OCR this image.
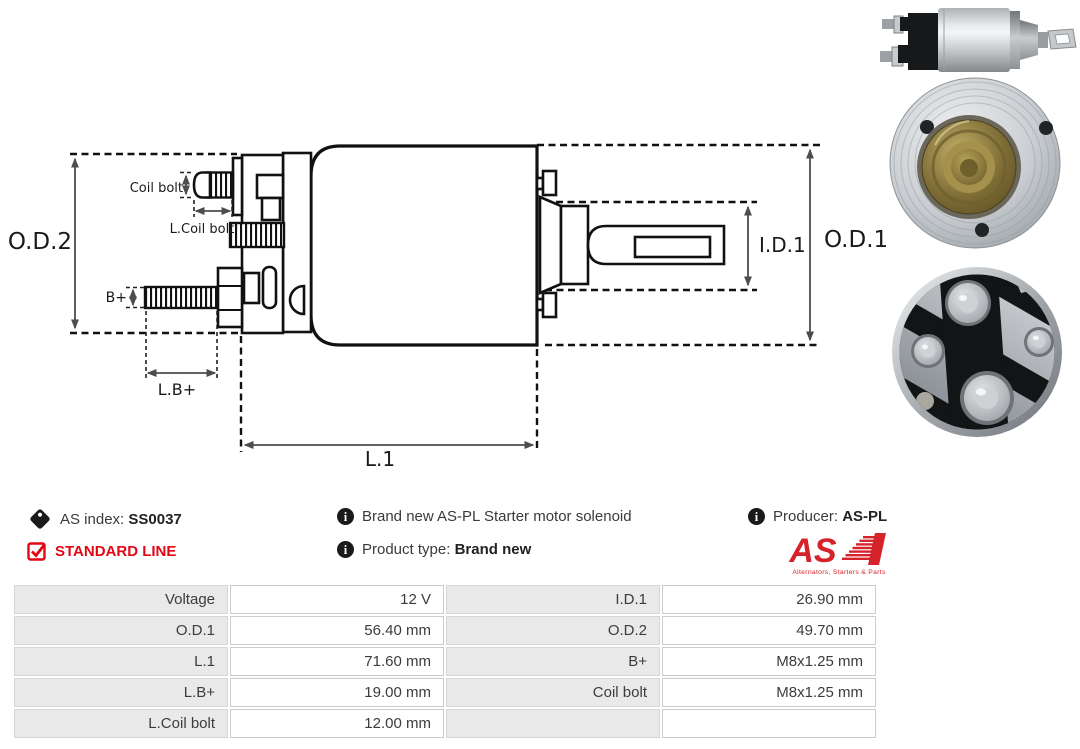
O.D.2
Coil bolt
L.Coil bolt
B+
L.B+
L.1
I.D.1 O.D.1
AS index: SS0037
STANDARD LINE
i Brand new AS-PL Starter motor solenoid
i Product type: Brand new
i Producer: AS-PL
AS
Alternators, Starters & Parts
Voltage	12 V	I.D.1	26.90 mm
O.D.1	56.40 mm	O.D.2	49.70 mm
L.1	71.60 mm	B+	M8x1.25 mm
L.B+	19.00 mm	Coil bolt	M8x1.25 mm
L.Coil bolt	12.00 mm		
